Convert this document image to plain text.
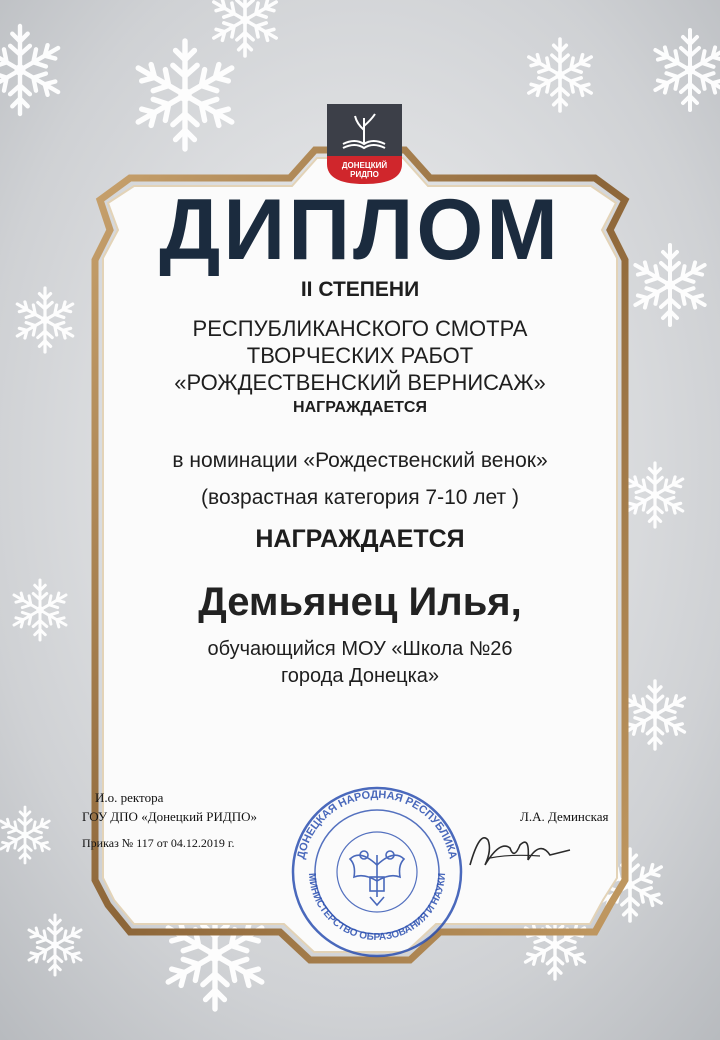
ДОНЕЦКИЙ
РИДПО
ДИПЛОМ
II СТЕПЕНИ
РЕСПУБЛИКАНСКОГО СМОТРА
ТВОРЧЕСКИХ РАБОТ
«РОЖДЕСТВЕНСКИЙ ВЕРНИСАЖ»
НАГРАЖДАЕТСЯ
в номинации «Рождественский венок»
(возрастная категория 7-10 лет )
НАГРАЖДАЕТСЯ
Демьянец Илья,
обучающийся МОУ «Школа №26
города Донецка»
И.о. ректора
ГОУ ДПО «Донецкий РИДПО»
Приказ № 117 от 04.12.2019 г.
Л.А. Деминская
ДОНЕЦКАЯ НАРОДНАЯ РЕСПУБЛИКА
МИНИСТЕРСТВО ОБРАЗОВАНИЯ И НАУКИ
